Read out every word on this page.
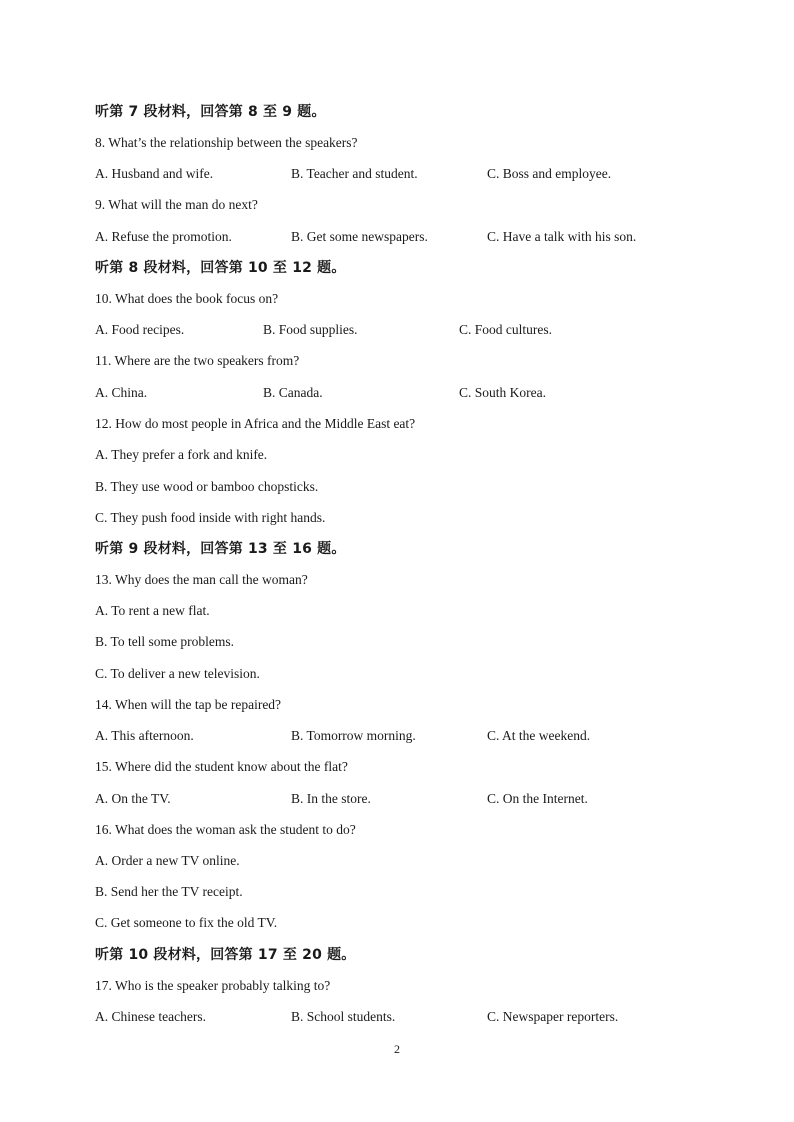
听第 7 段材料，回答第 8 至 9 题。
8. What’s the relationship between the speakers?
A. Husband and wife.	B. Teacher and student.	C. Boss and employee.
9. What will the man do next?
A. Refuse the promotion.	B. Get some newspapers.	C. Have a talk with his son.
听第 8 段材料，回答第 10 至 12 题。
10. What does the book focus on?
A. Food recipes.	B. Food supplies.	C. Food cultures.
11. Where are the two speakers from?
A. China.	B. Canada.	C. South Korea.
12. How do most people in Africa and the Middle East eat?
A. They prefer a fork and knife.
B. They use wood or bamboo chopsticks.
C. They push food inside with right hands.
听第 9 段材料，回答第 13 至 16 题。
13. Why does the man call the woman?
A. To rent a new flat.
B. To tell some problems.
C. To deliver a new television.
14. When will the tap be repaired?
A. This afternoon.	B. Tomorrow morning.	C. At the weekend.
15. Where did the student know about the flat?
A. On the TV.	B. In the store.	C. On the Internet.
16. What does the woman ask the student to do?
A. Order a new TV online.
B. Send her the TV receipt.
C. Get someone to fix the old TV.
听第 10 段材料，回答第 17 至 20 题。
17. Who is the speaker probably talking to?
A. Chinese teachers.	B. School students.	C. Newspaper reporters.
2
